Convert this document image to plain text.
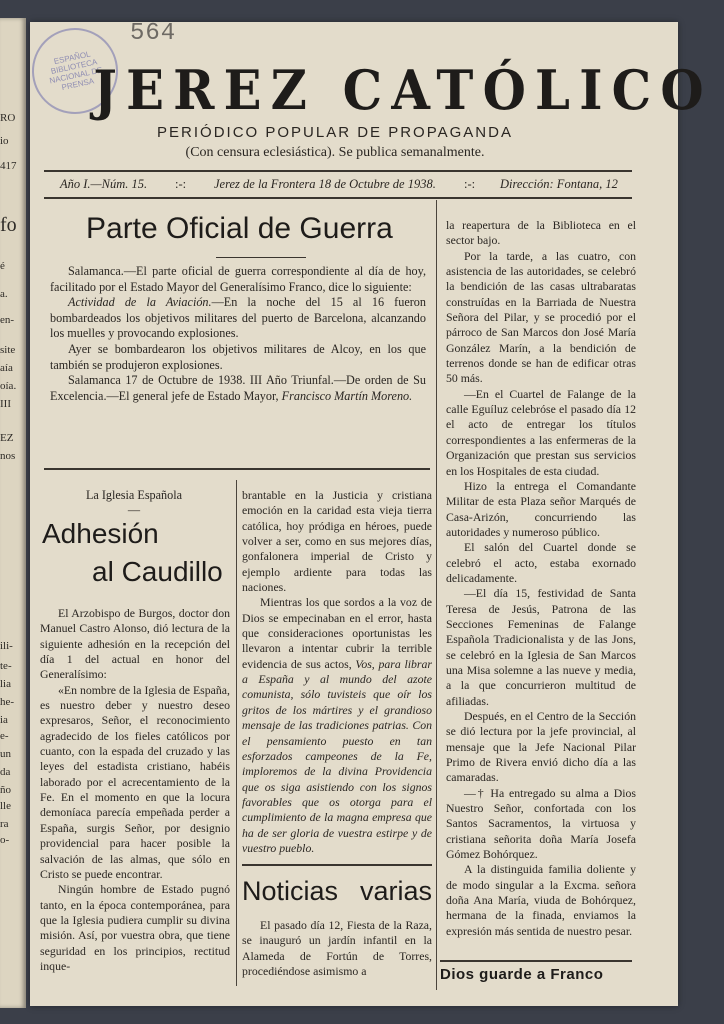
RO
io
417
fo
é
a.
en-
site
aía
oía.
III
EZ
nos
ili-
te-
lia
he-
ia
e-
un
da
ño
lle
ra
o-
ESPAÑOL BIBLIOTECA NACIONAL DE PRENSA
564
JEREZ CATÓLICO
PERIÓDICO POPULAR DE PROPAGANDA
(Con censura eclesiástica). Se publica semanalmente.
Año I.—Núm. 15. :-: Jerez de la Frontera 18 de Octubre de 1938. :-: Dirección: Fontana, 12
Parte Oficial de Guerra

Salamanca.—El parte oficial de guerra correspondiente al día de hoy, facilitado por el Estado Mayor del Generalísimo Franco, dice lo siguiente:

Actividad de la Aviación.—En la noche del 15 al 16 fueron bombardeados los objetivos militares del puerto de Barcelona, alcanzando los muelles y provocando explosiones.

Ayer se bombardearon los objetivos militares de Alcoy, en los que también se produjeron explosiones.

Salamanca 17 de Octubre de 1938. III Año Triunfal.—De orden de Su Excelencia.—El general jefe de Estado Mayor, Francisco Martín Moreno.

la reapertura de la Biblioteca en el sector bajo.

Por la tarde, a las cuatro, con asistencia de las autoridades, se celebró la bendición de las casas ultrabaratas construídas en la Barriada de Nuestra Señora del Pilar, y se procedió por el párroco de San Marcos don José María González Marín, a la bendición de terrenos donde se han de edificar otras 50 más.

—En el Cuartel de Falange de la calle Eguíluz celebróse el pasado día 12 el acto de entregar los títulos correspondientes a las enfermeras de la Organización que prestan sus servicios en los Hospitales de esta ciudad.

Hizo la entrega el Comandante Militar de esta Plaza señor Marqués de Casa-Arizón, concurriendo las autoridades y numeroso público.

El salón del Cuartel donde se celebró el acto, estaba exornado delicadamente.

—El día 15, festividad de Santa Teresa de Jesús, Patrona de las Secciones Femeninas de Falange Española Tradicionalista y de las Jons, se celebró en la Iglesia de San Marcos una Misa solemne a las nueve y media, a la que concurrieron multitud de afiliadas.

Después, en el Centro de la Sección se dió lectura por la jefe provincial, al mensaje que la Jefe Nacional Pilar Primo de Rivera envió dicho día a las camaradas.

—† Ha entregado su alma a Dios Nuestro Señor, confortada con los Santos Sacramentos, la virtuosa y cristiana señorita doña María Josefa Gómez Bohórquez.

A la distinguida familia doliente y de modo singular a la Excma. señora doña Ana María, viuda de Bohórquez, hermana de la finada, enviamos la expresión más sentida de nuestro pesar.

Dios guarde a Franco
La Iglesia Española
—
Adhesión
al Caudillo

El Arzobispo de Burgos, doctor don Manuel Castro Alonso, dió lectura de la siguiente adhesión en la recepción del día 1 del actual en honor del Generalísimo:

«En nombre de la Iglesia de España, es nuestro deber y nuestro deseo expresaros, Señor, el reconocimiento agradecido de los fieles católicos por cuanto, con la espada del cruzado y las leyes del estadista cristiano, habéis laborado por el acrecentamiento de la Fe. En el momento en que la locura demoníaca parecía empeñada perder a España, surgis Señor, por designio providencial para hacer posible la salvación de las almas, que sólo en Cristo se puede encontrar.

Ningún hombre de Estado pugnó tanto, en la época contemporánea, para que la Iglesia pudiera cumplir su divina misión. Así, por vuestra obra, que tiene seguridad en los principios, rectitud inque-

brantable en la Justicia y cristiana emoción en la caridad esta vieja tierra católica, hoy pródiga en héroes, puede volver a ser, como en sus mejores días, gonfalonera imperial de Cristo y ejemplo ardiente para todas las naciones.

Mientras los que sordos a la voz de Dios se empecinaban en el error, hasta que consideraciones oportunistas les llevaron a intentar cubrir la terrible evidencia de sus actos, Vos, para librar a España y al mundo del azote comunista, sólo tuvisteis que oír los gritos de los mártires y el grandioso mensaje de las tradiciones patrias. Con el pensamiento puesto en tan esforzados campeones de la Fe, imploremos de la divina Providencia que os siga asistiendo con los signos favorables que os otorga para el cumplimiento de la magna empresa que ha de ser gloria de vuestra estirpe y de vuestro pueblo.

Noticias varias

El pasado día 12, Fiesta de la Raza, se inauguró un jardín infantil en la Alameda de Fortún de Torres, procediéndose asimismo a
